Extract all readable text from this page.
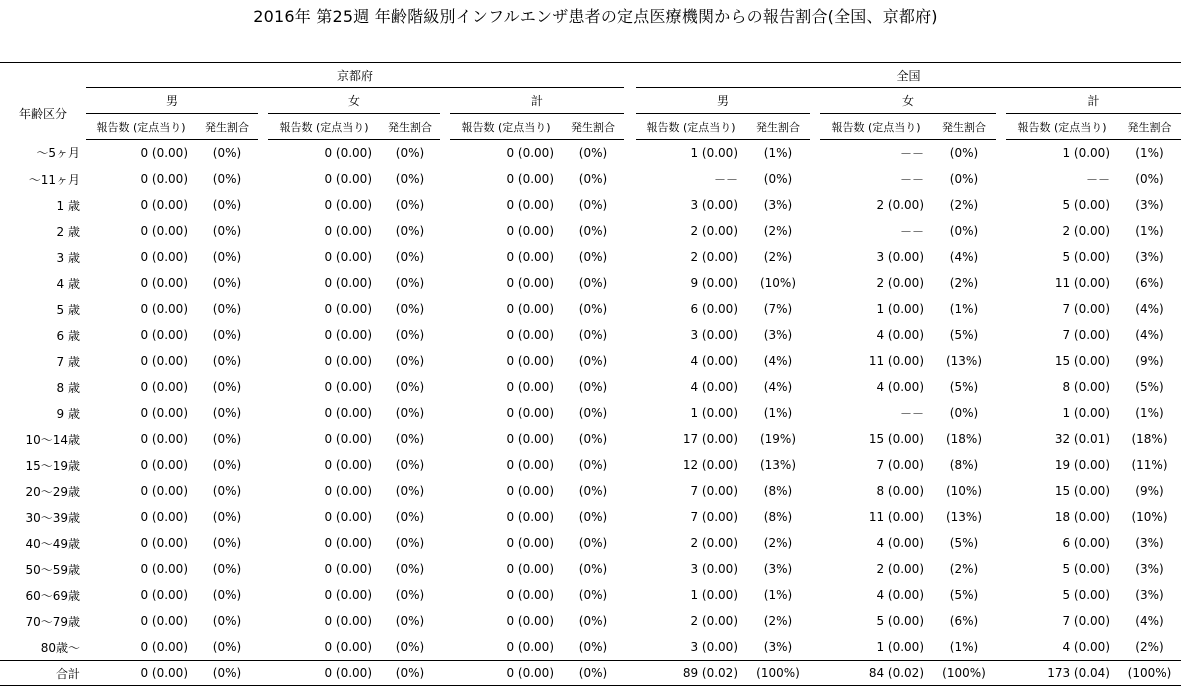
2016年 第25週 年齢階級別インフルエンザ患者の定点医療機関からの報告割合(全国、京都府)
	京都府									全国							
年齢区分	男			女			計			男			女			計	
	報告数 (定点当り)	発生割合		報告数 (定点当り)	発生割合		報告数 (定点当り)	発生割合		報告数 (定点当り)	発生割合		報告数 (定点当り)	発生割合		報告数 (定点当り)	発生割合
～5ヶ月	0 (0.00)	(0%)		0 (0.00)	(0%)		0 (0.00)	(0%)		1 (0.00)	(1%)		－－	(0%)		1 (0.00)	(1%)
～11ヶ月	0 (0.00)	(0%)		0 (0.00)	(0%)		0 (0.00)	(0%)		－－	(0%)		－－	(0%)		－－	(0%)
1 歳	0 (0.00)	(0%)		0 (0.00)	(0%)		0 (0.00)	(0%)		3 (0.00)	(3%)		2 (0.00)	(2%)		5 (0.00)	(3%)
2 歳	0 (0.00)	(0%)		0 (0.00)	(0%)		0 (0.00)	(0%)		2 (0.00)	(2%)		－－	(0%)		2 (0.00)	(1%)
3 歳	0 (0.00)	(0%)		0 (0.00)	(0%)		0 (0.00)	(0%)		2 (0.00)	(2%)		3 (0.00)	(4%)		5 (0.00)	(3%)
4 歳	0 (0.00)	(0%)		0 (0.00)	(0%)		0 (0.00)	(0%)		9 (0.00)	(10%)		2 (0.00)	(2%)		11 (0.00)	(6%)
5 歳	0 (0.00)	(0%)		0 (0.00)	(0%)		0 (0.00)	(0%)		6 (0.00)	(7%)		1 (0.00)	(1%)		7 (0.00)	(4%)
6 歳	0 (0.00)	(0%)		0 (0.00)	(0%)		0 (0.00)	(0%)		3 (0.00)	(3%)		4 (0.00)	(5%)		7 (0.00)	(4%)
7 歳	0 (0.00)	(0%)		0 (0.00)	(0%)		0 (0.00)	(0%)		4 (0.00)	(4%)		11 (0.00)	(13%)		15 (0.00)	(9%)
8 歳	0 (0.00)	(0%)		0 (0.00)	(0%)		0 (0.00)	(0%)		4 (0.00)	(4%)		4 (0.00)	(5%)		8 (0.00)	(5%)
9 歳	0 (0.00)	(0%)		0 (0.00)	(0%)		0 (0.00)	(0%)		1 (0.00)	(1%)		－－	(0%)		1 (0.00)	(1%)
10～14歳	0 (0.00)	(0%)		0 (0.00)	(0%)		0 (0.00)	(0%)		17 (0.00)	(19%)		15 (0.00)	(18%)		32 (0.01)	(18%)
15～19歳	0 (0.00)	(0%)		0 (0.00)	(0%)		0 (0.00)	(0%)		12 (0.00)	(13%)		7 (0.00)	(8%)		19 (0.00)	(11%)
20～29歳	0 (0.00)	(0%)		0 (0.00)	(0%)		0 (0.00)	(0%)		7 (0.00)	(8%)		8 (0.00)	(10%)		15 (0.00)	(9%)
30～39歳	0 (0.00)	(0%)		0 (0.00)	(0%)		0 (0.00)	(0%)		7 (0.00)	(8%)		11 (0.00)	(13%)		18 (0.00)	(10%)
40～49歳	0 (0.00)	(0%)		0 (0.00)	(0%)		0 (0.00)	(0%)		2 (0.00)	(2%)		4 (0.00)	(5%)		6 (0.00)	(3%)
50～59歳	0 (0.00)	(0%)		0 (0.00)	(0%)		0 (0.00)	(0%)		3 (0.00)	(3%)		2 (0.00)	(2%)		5 (0.00)	(3%)
60～69歳	0 (0.00)	(0%)		0 (0.00)	(0%)		0 (0.00)	(0%)		1 (0.00)	(1%)		4 (0.00)	(5%)		5 (0.00)	(3%)
70～79歳	0 (0.00)	(0%)		0 (0.00)	(0%)		0 (0.00)	(0%)		2 (0.00)	(2%)		5 (0.00)	(6%)		7 (0.00)	(4%)
80歳～	0 (0.00)	(0%)		0 (0.00)	(0%)		0 (0.00)	(0%)		3 (0.00)	(3%)		1 (0.00)	(1%)		4 (0.00)	(2%)
合計	0 (0.00)	(0%)		0 (0.00)	(0%)		0 (0.00)	(0%)		89 (0.02)	(100%)		84 (0.02)	(100%)		173 (0.04)	(100%)
